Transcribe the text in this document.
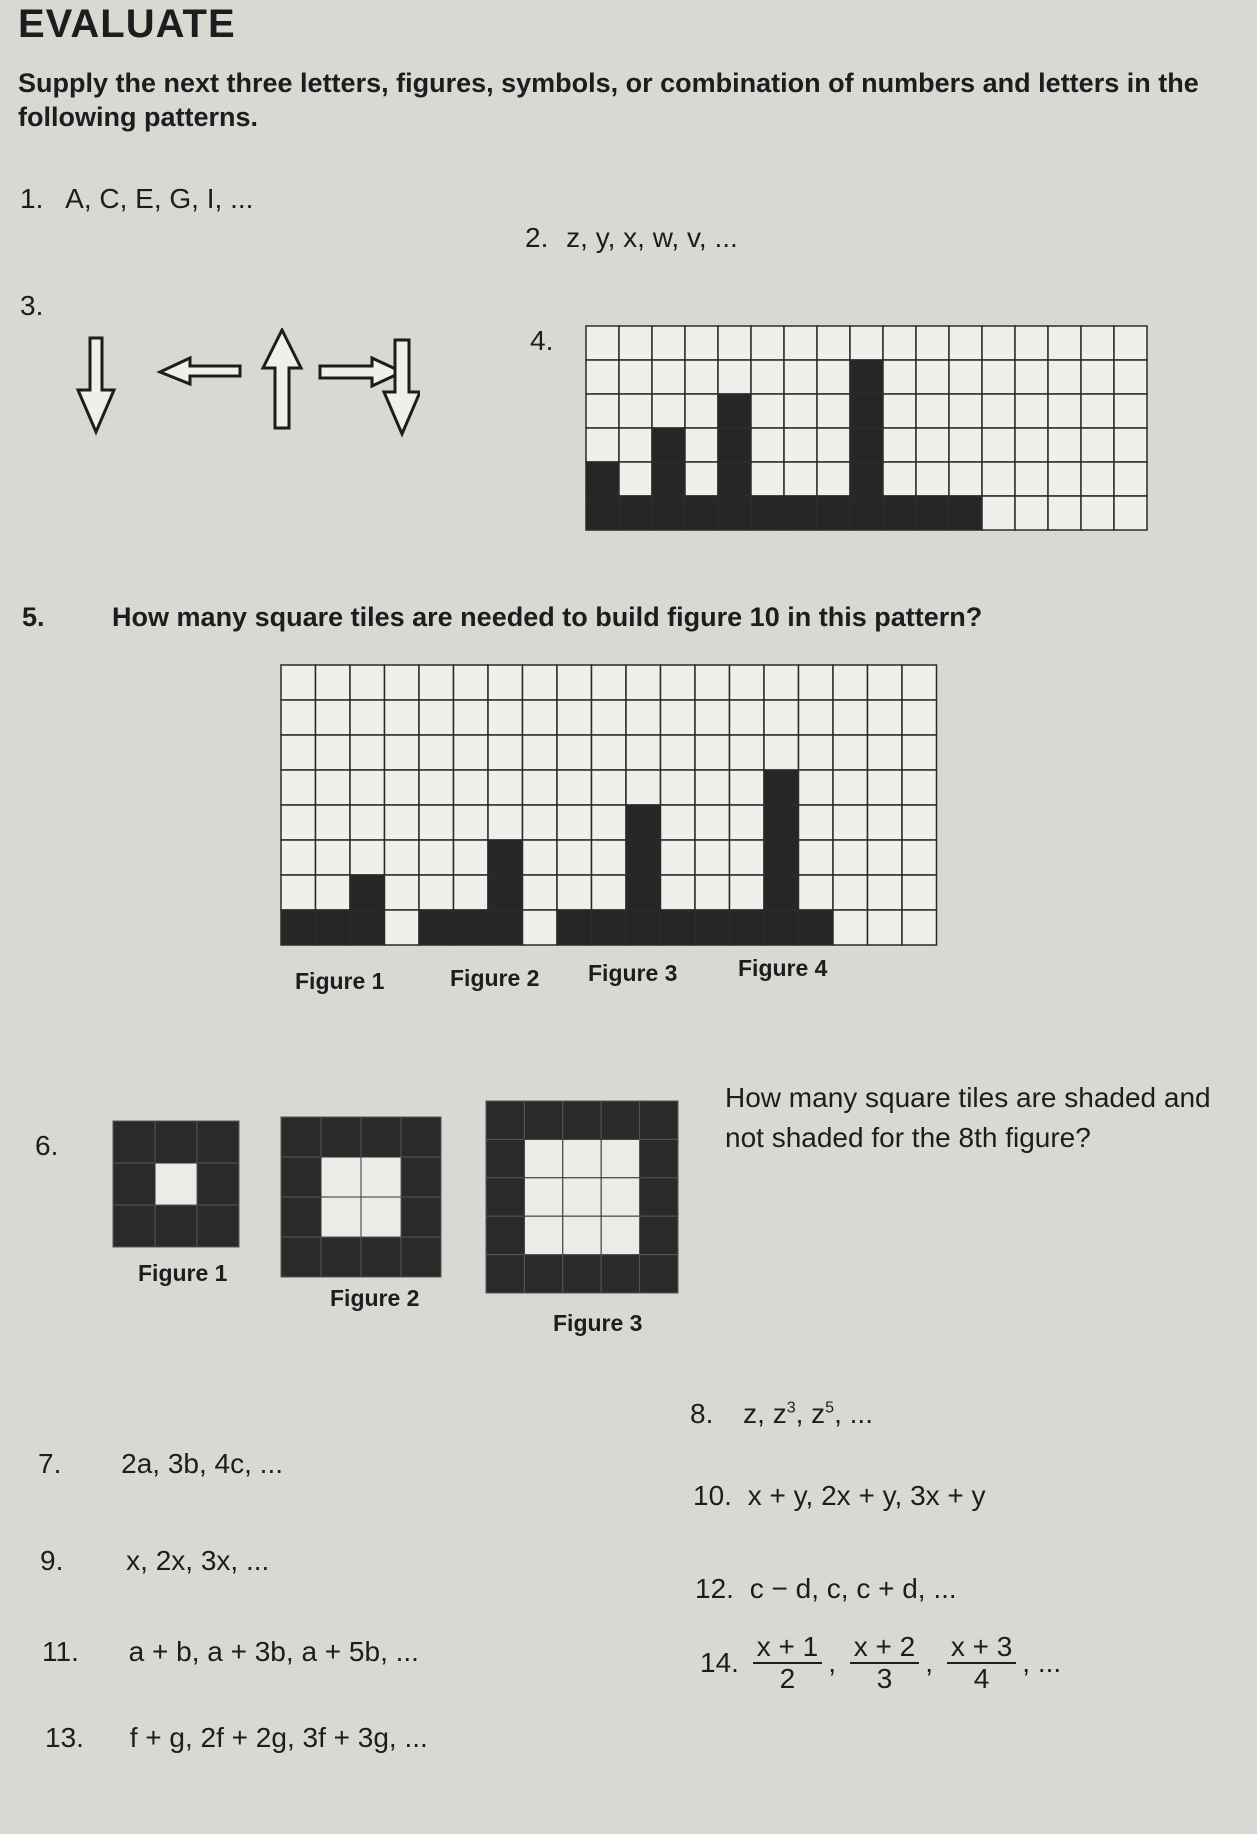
EVALUATE
Supply the next three letters, figures, symbols, or combination of numbers and letters in the following patterns.
1. A, C, E, G, I, ...
2. z, y, x, w, v, ...
3.
4.
5.	How many square tiles are needed to build figure 10 in this pattern?
Figure 1	Figure 2 Figure 3	Figure 4
6.
Figure 1
Figure 2
Figure 3
How many square tiles are shaded and
not shaded for the 8th figure?
7. 2a, 3b, 4c, ...
8. z, $z^3$, $z^5$, ...
9. x, 2x, 3x, ...
10. x + y, 2x + y, 3x + y
11. a + b, a + 3b, a + 5b, ...
12. c − d, c, c + d, ...
13. f + g, 2f + 2g, 3f + 3g, ...
14. $\frac{x + 1}{2}$ , $\frac{x + 2}{3}$ , $\frac{x + 3}{4}$ , ...
